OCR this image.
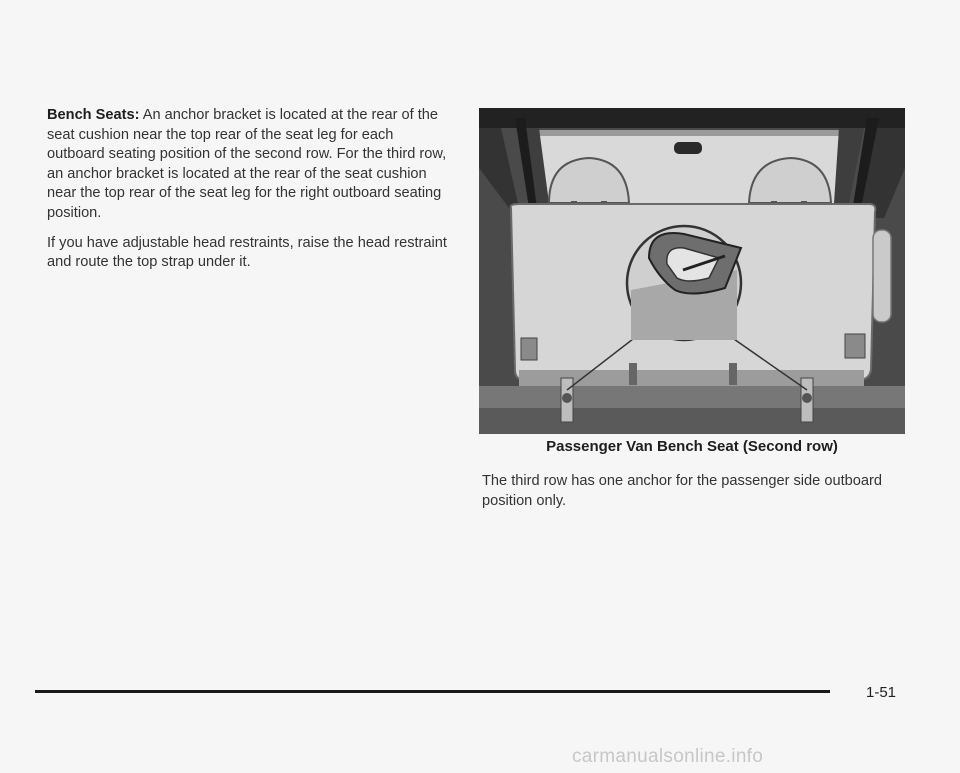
Bench Seats: An anchor bracket is located at the rear of the seat cushion near the top rear of the seat leg for each outboard seating position of the second row. For the third row, an anchor bracket is located at the rear of the seat cushion near the top rear of the seat leg for the right outboard seating position.

If you have adjustable head restraints, raise the head restraint and route the top strap under it.

Passenger Van Bench Seat (Second row)

The third row has one anchor for the passenger side outboard position only.

1-51
carmanualsonline.info
